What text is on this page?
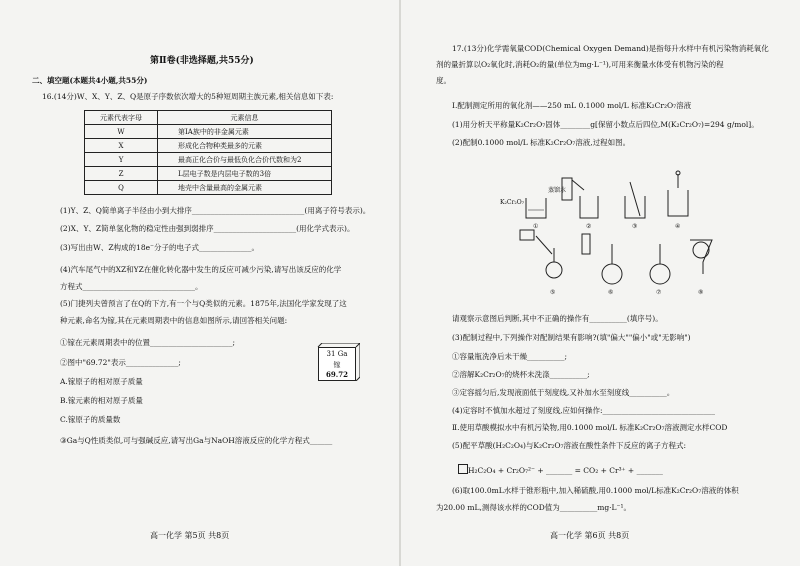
第Ⅱ卷(非选择题,共55分)
二、填空题(本题共4小题,共55分)
16.(14分)W、X、Y、Z、Q是原子序数依次增大的5种短周期主族元素,相关信息如下表:
元素代表字母	元素信息
W	第ⅠA族中的非金属元素
X	形成化合物种类最多的元素
Y	最高正化合价与最低负化合价代数和为2
Z	L层电子数是内层电子数的3倍
Q	地壳中含量最高的金属元素
(1)Y、Z、Q简单离子半径由小到大排序______________________________(用离子符号表示)。
(2)X、Y、Z简单氢化物的稳定性由强到弱排序______________________(用化学式表示)。
(3)写出由W、Z构成的18e⁻分子的电子式______________。
(4)汽车尾气中的XZ和YZ在催化转化器中发生的反应可减少污染,请写出该反应的化学
方程式______________________________。
(5)门捷列夫曾预言了在Q的下方,有一个与Q类似的元素。1875年,法国化学家发现了这
种元素,命名为镓,其在元素周期表中的信息如图所示,请回答相关问题:
①镓在元素周期表中的位置______________________;
②图中"69.72"表示______________;
A.镓原子的相对原子质量
B.镓元素的相对原子质量
C.镓原子的质量数
③Ga与Q性质类似,可与强碱反应,请写出Ga与NaOH溶液反应的化学方程式______
31 Ga
镓
69.72
高一化学 第5页 共8页
17.(13分)化学需氧量COD(Chemical Oxygen Demand)是指每升水样中有机污染物消耗氧化
剂的量折算以O₂氧化时,消耗O₂的量(单位为mg·L⁻¹),可用来衡量水体受有机物污染的程
度。
Ⅰ.配制测定所用的氧化剂——250 mL 0.1000 mol/L 标准K₂Cr₂O₇溶液
(1)用分析天平称量K₂Cr₂O₇固体________g[保留小数点后四位,M(K₂Cr₂O₇)=294 g/mol]。
(2)配制0.1000 mol/L 标准K₂Cr₂O₇溶液,过程如图。
K₂Cr₂O₇
蒸馏水
①	②	③	④
⑤	⑥	⑦	⑧
请观察示意图后判断,其中不正确的操作有__________(填序号)。
(3)配制过程中,下列操作对配制结果有影响?(填"偏大""偏小"或"无影响")
①容量瓶洗净后未干燥__________;
②溶解K₂Cr₂O₇的烧杯未洗涤__________;
③定容摇匀后,发现液面低于刻度线,又补加水至刻度线__________。
(4)定容时不慎加水超过了刻度线,应如何操作:______________________________
Ⅱ.使用草酸模拟水中有机污染物,用0.1000 mol/L 标准K₂Cr₂O₇溶液测定水样COD
(5)配平草酸(H₂C₂O₄)与K₂Cr₂O₇溶液在酸性条件下反应的离子方程式:
H₂C₂O₄ + Cr₂O₇²⁻ + _______ = CO₂ + Cr³⁺ + _______
(6)取100.0mL水样于锥形瓶中,加入稀硫酸,用0.1000 mol/L标准K₂Cr₂O₇溶液的体积
为20.00 mL,测得该水样的COD值为__________mg·L⁻¹。
高一化学 第6页 共8页
